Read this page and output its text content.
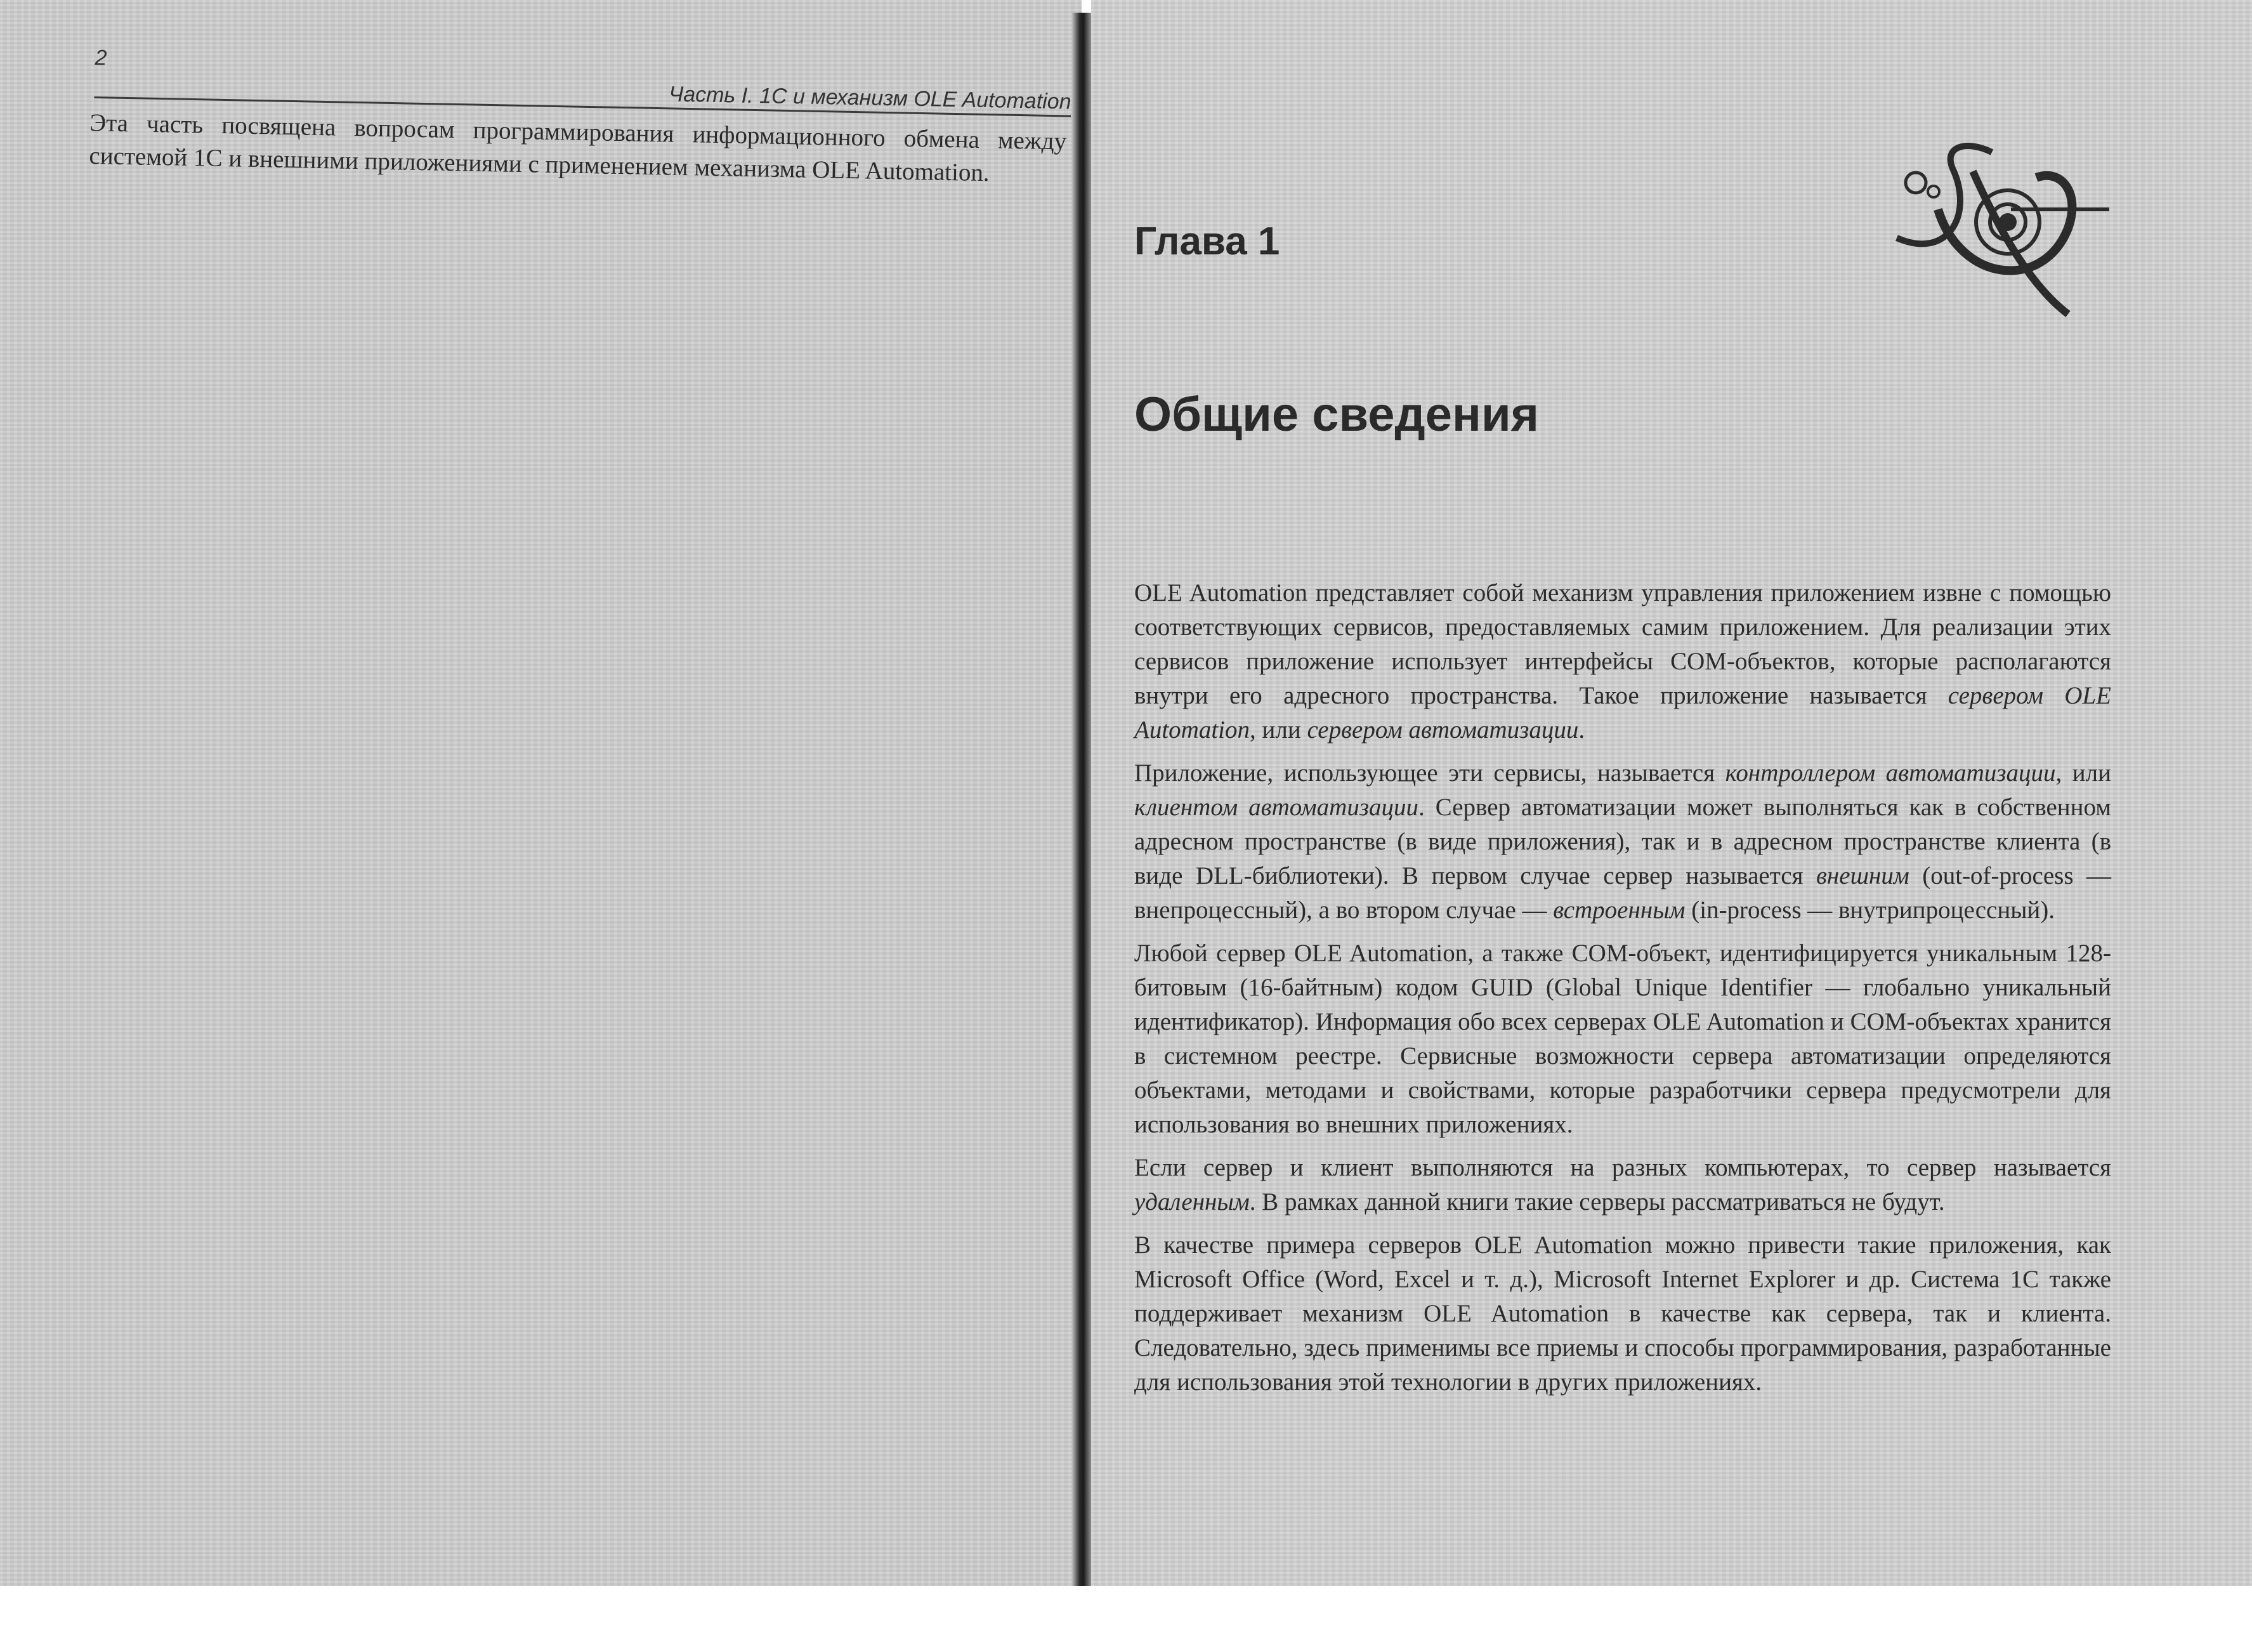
2
Часть I. 1С и механизм OLE Automation
Эта часть посвящена вопросам программирования информационного обмена между системой 1С и внешними приложениями с применением механизма OLE Automation.
Глава 1
Общие сведения

OLE Automation представляет собой механизм управления приложением извне с помощью соответствующих сервисов, предоставляемых самим приложением. Для реализации этих сервисов приложение использует интерфейсы COM-объектов, которые располагаются внутри его адресного пространства. Такое приложение называется сервером OLE Automation, или сервером автоматизации.

Приложение, использующее эти сервисы, называется контроллером автоматизации, или клиентом автоматизации. Сервер автоматизации может выполняться как в собственном адресном пространстве (в виде приложения), так и в адресном пространстве клиента (в виде DLL-библиотеки). В первом случае сервер называется внешним (out-of-process — внепроцессный), а во втором случае — встроенным (in-process — внутрипроцессный).

Любой сервер OLE Automation, а также COM-объект, идентифицируется уникальным 128-битовым (16-байтным) кодом GUID (Global Unique Identifier — глобально уникальный идентификатор). Информация обо всех серверах OLE Automation и COM-объектах хранится в системном реестре. Сервисные возможности сервера автоматизации определяются объектами, методами и свойствами, которые разработчики сервера предусмотрели для использования во внешних приложениях.

Если сервер и клиент выполняются на разных компьютерах, то сервер называется удаленным. В рамках данной книги такие серверы рассматриваться не будут.

В качестве примера серверов OLE Automation можно привести такие приложения, как Microsoft Office (Word, Excel и т. д.), Microsoft Internet Explorer и др. Система 1С также поддерживает механизм OLE Automation в качестве как сервера, так и клиента. Следовательно, здесь применимы все приемы и способы программирования, разработанные для использования этой технологии в других приложениях.
